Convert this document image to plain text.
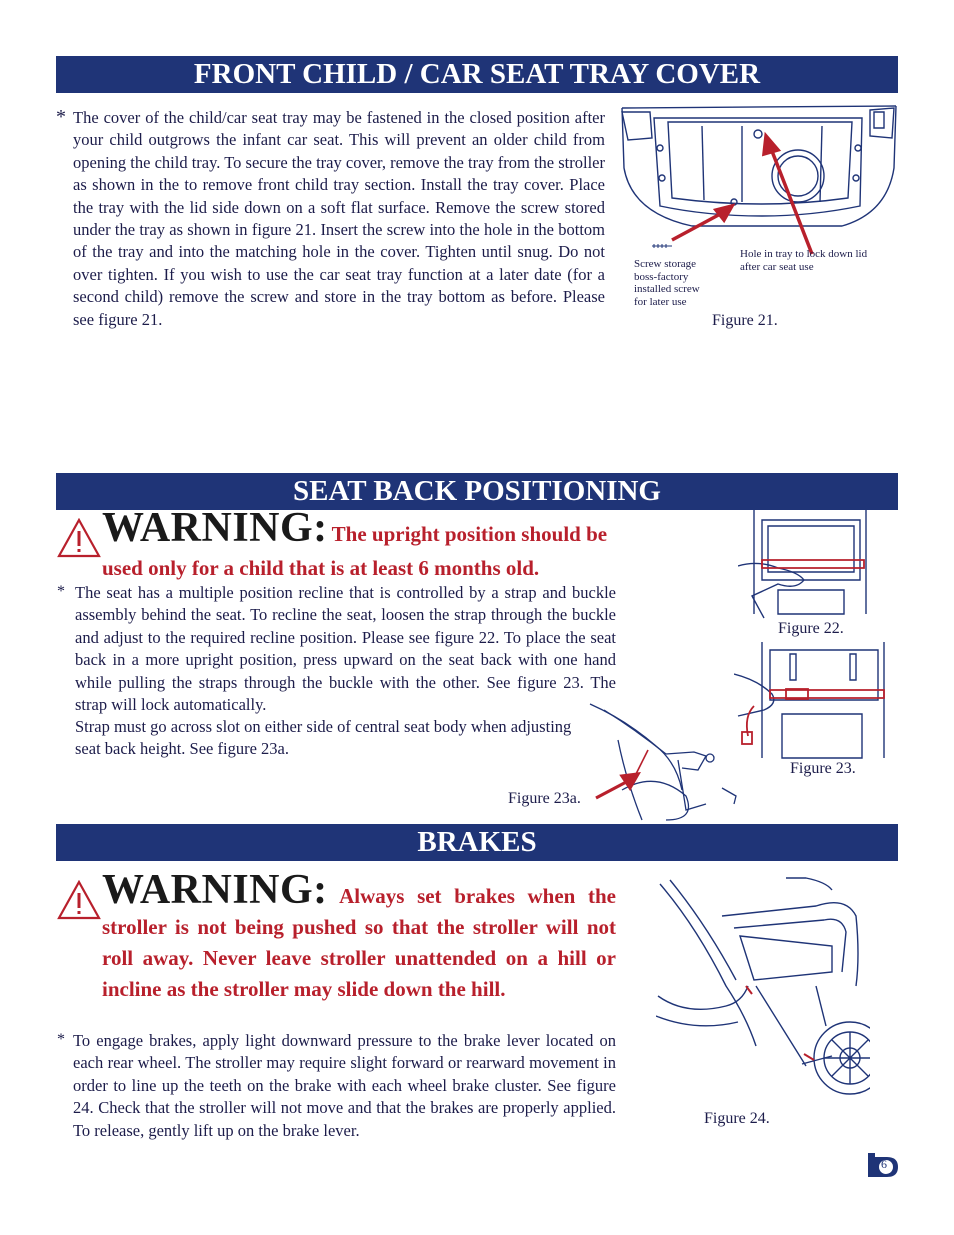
FRONT CHILD / CAR SEAT TRAY COVER
* The cover of the child/car seat tray may be fastened in the closed position after your child outgrows the infant car seat. This will prevent an older child from opening the child tray. To secure the tray cover, remove the tray from the stroller as shown in the to remove front child tray section. Install the tray cover. Place the tray with the lid side down on a soft flat surface. Remove the screw stored under the tray as shown in figure 21. Insert the screw into the hole in the bottom of the tray and into the matching hole in the cover. Tighten until snug. Do not over tighten. If you wish to use the car seat tray function at a later date (for a second child) remove the screw and store in the tray bottom as before. Please see figure 21.
Screw storage
boss-factory
installed screw
for later use
Hole in tray to lock down lid
after car seat use
Figure 21.
SEAT BACK POSITIONING
WARNING: The upright position should be
used only for a child that is at least 6 months old.
* The seat has a multiple position recline that is controlled by a strap and buckle assembly behind the seat. To recline the seat, loosen the strap through the buckle and adjust to the required recline position. Please see figure 22. To place the seat back in a more upright position, press upward on the seat back with one hand while pulling the straps through the buckle with the other. See figure 23. The strap will lock automatically.
Strap must go across slot on either side of central seat body when adjusting seat back height. See figure 23a.
Figure 22.
Figure 23.
Figure 23a.
BRAKES
WARNING: Always set brakes when the stroller is not being pushed so that the stroller will not roll away. Never leave stroller unattended on a hill or incline as the stroller may slide down the hill.
* To engage brakes, apply light downward pressure to the brake lever located on each rear wheel. The stroller may require slight forward or rearward movement in order to line up the teeth on the brake with each wheel brake cluster. See figure 24. Check that the stroller will not move and that the brakes are properly applied. To release, gently lift up on the brake lever.
Figure 24.
6
